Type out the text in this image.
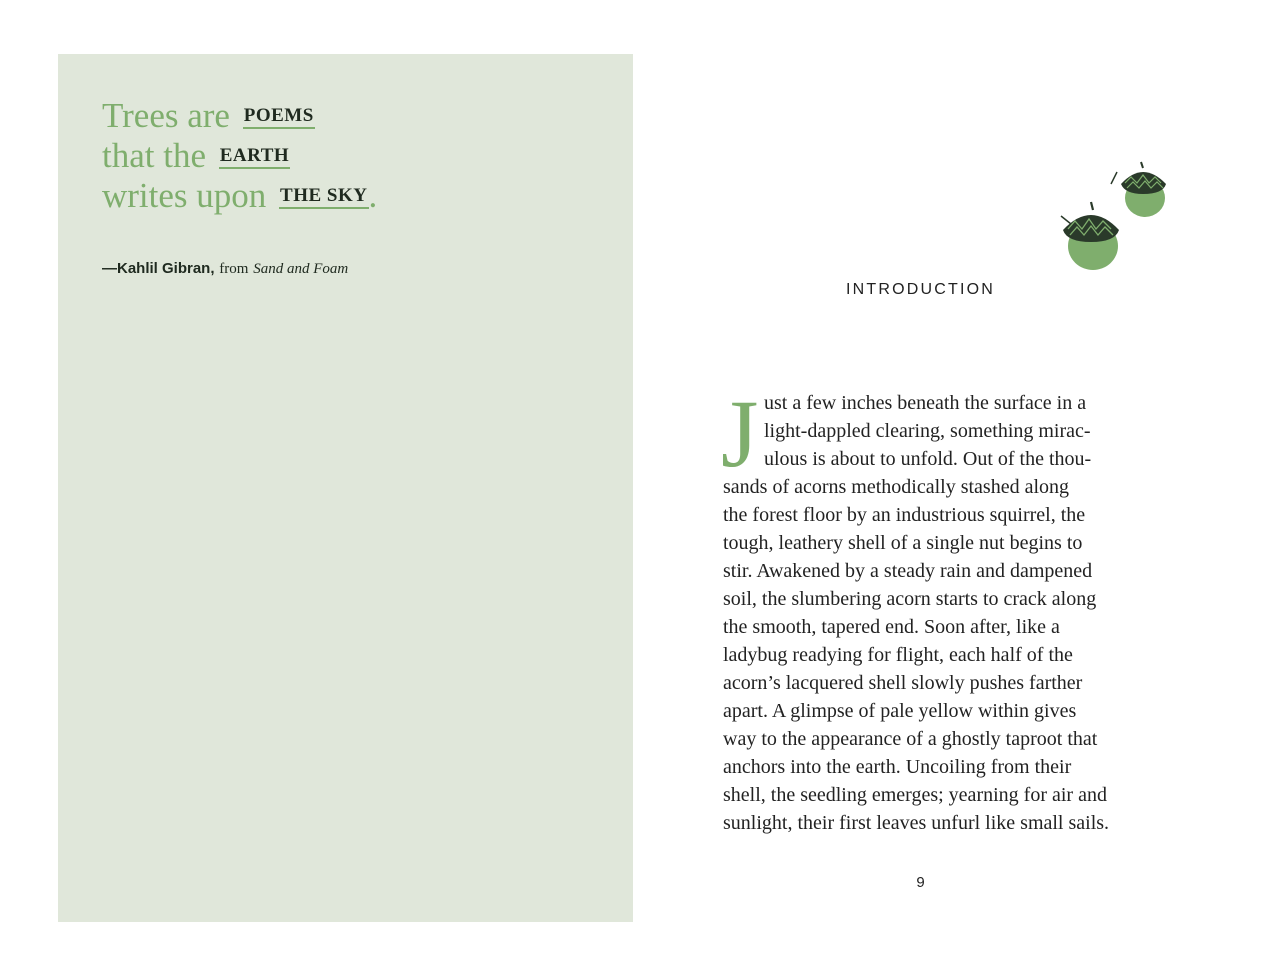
Trees are POEMS
that the EARTH
writes upon THE SKY.
—Kahlil Gibran, from Sand and Foam
INTRODUCTION
J ust a few inches beneath the surface in a
light-dappled clearing, something mirac-
ulous is about to unfold. Out of the thou-
sands of acorns methodically stashed along
the forest floor by an industrious squirrel, the
tough, leathery shell of a single nut begins to
stir. Awakened by a steady rain and dampened
soil, the slumbering acorn starts to crack along
the smooth, tapered end. Soon after, like a
ladybug readying for flight, each half of the
acorn’s lacquered shell slowly pushes farther
apart. A glimpse of pale yellow within gives
way to the appearance of a ghostly taproot that
anchors into the earth. Uncoiling from their
shell, the seedling emerges; yearning for air and
sunlight, their first leaves unfurl like small sails.
9
